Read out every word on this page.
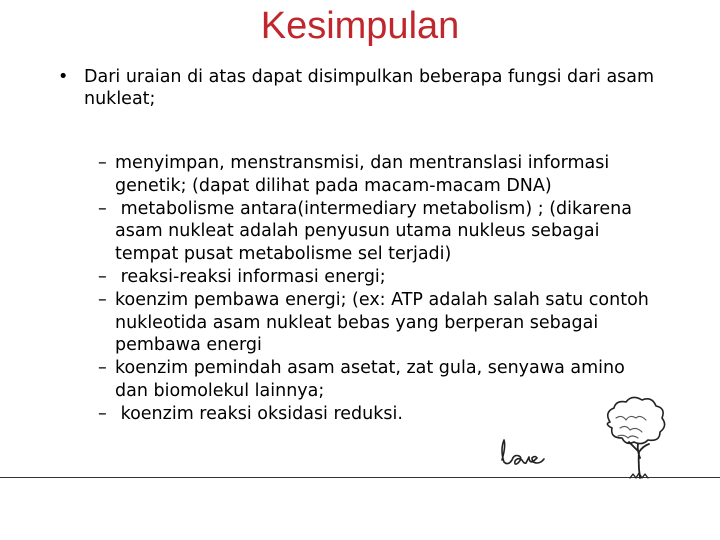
Kesimpulan
• Dari uraian di atas dapat disimpulkan beberapa fungsi dari asam nukleat;
– menyimpan, menstransmisi, dan mentranslasi informasi genetik; (dapat dilihat pada macam-macam DNA)
– metabolisme antara(intermediary metabolism) ; (dikarena asam nukleat adalah penyusun utama nukleus sebagai tempat pusat metabolisme sel terjadi)
– reaksi-reaksi informasi energi;
– koenzim pembawa energi; (ex: ATP adalah salah satu contoh nukleotida asam nukleat bebas yang berperan sebagai pembawa energi
– koenzim pemindah asam asetat, zat gula, senyawa amino dan biomolekul lainnya;
– koenzim reaksi oksidasi reduksi.
